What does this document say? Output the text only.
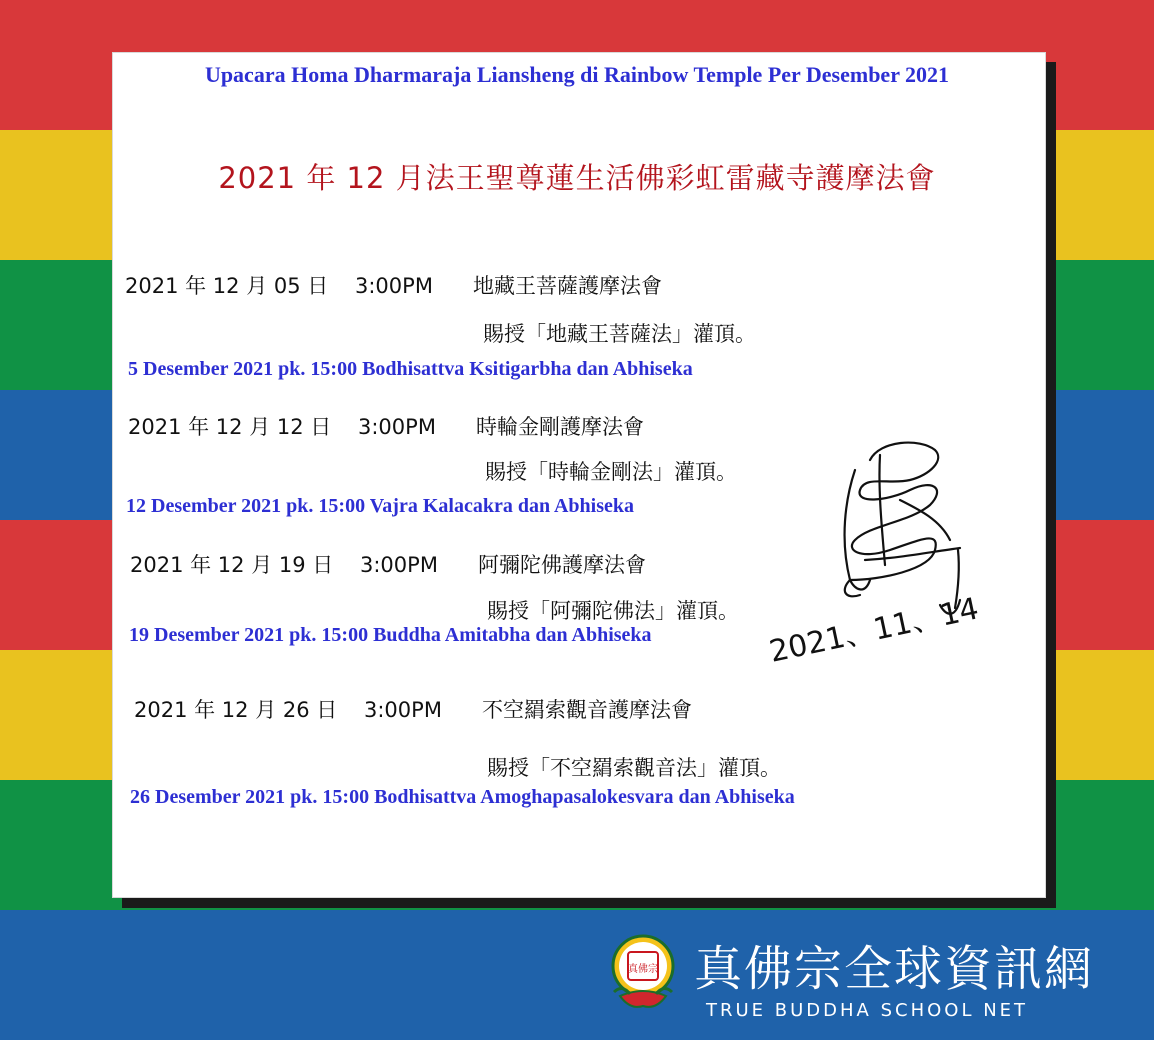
Upacara Homa Dharmaraja Liansheng di Rainbow Temple Per Desember 2021
2021 年 12 月法王聖尊蓮生活佛彩虹雷藏寺護摩法會
2021 年 12 月 05 日 3:00PM 地藏王菩薩護摩法會
賜授「地藏王菩薩法」灌頂。
5 Desember 2021 pk. 15:00 Bodhisattva Ksitigarbha dan Abhiseka
2021 年 12 月 12 日 3:00PM 時輪金剛護摩法會
賜授「時輪金剛法」灌頂。
12 Desember 2021 pk. 15:00 Vajra Kalacakra dan Abhiseka
2021 年 12 月 19 日 3:00PM 阿彌陀佛護摩法會
賜授「阿彌陀佛法」灌頂。
19 Desember 2021 pk. 15:00 Buddha Amitabha dan Abhiseka
2021 年 12 月 26 日 3:00PM 不空羂索觀音護摩法會
賜授「不空羂索觀音法」灌頂。
26 Desember 2021 pk. 15:00 Bodhisattva Amoghapasalokesvara dan Abhiseka
2021、11、14
真佛宗 真佛宗全球資訊網
TRUE BUDDHA SCHOOL NET
